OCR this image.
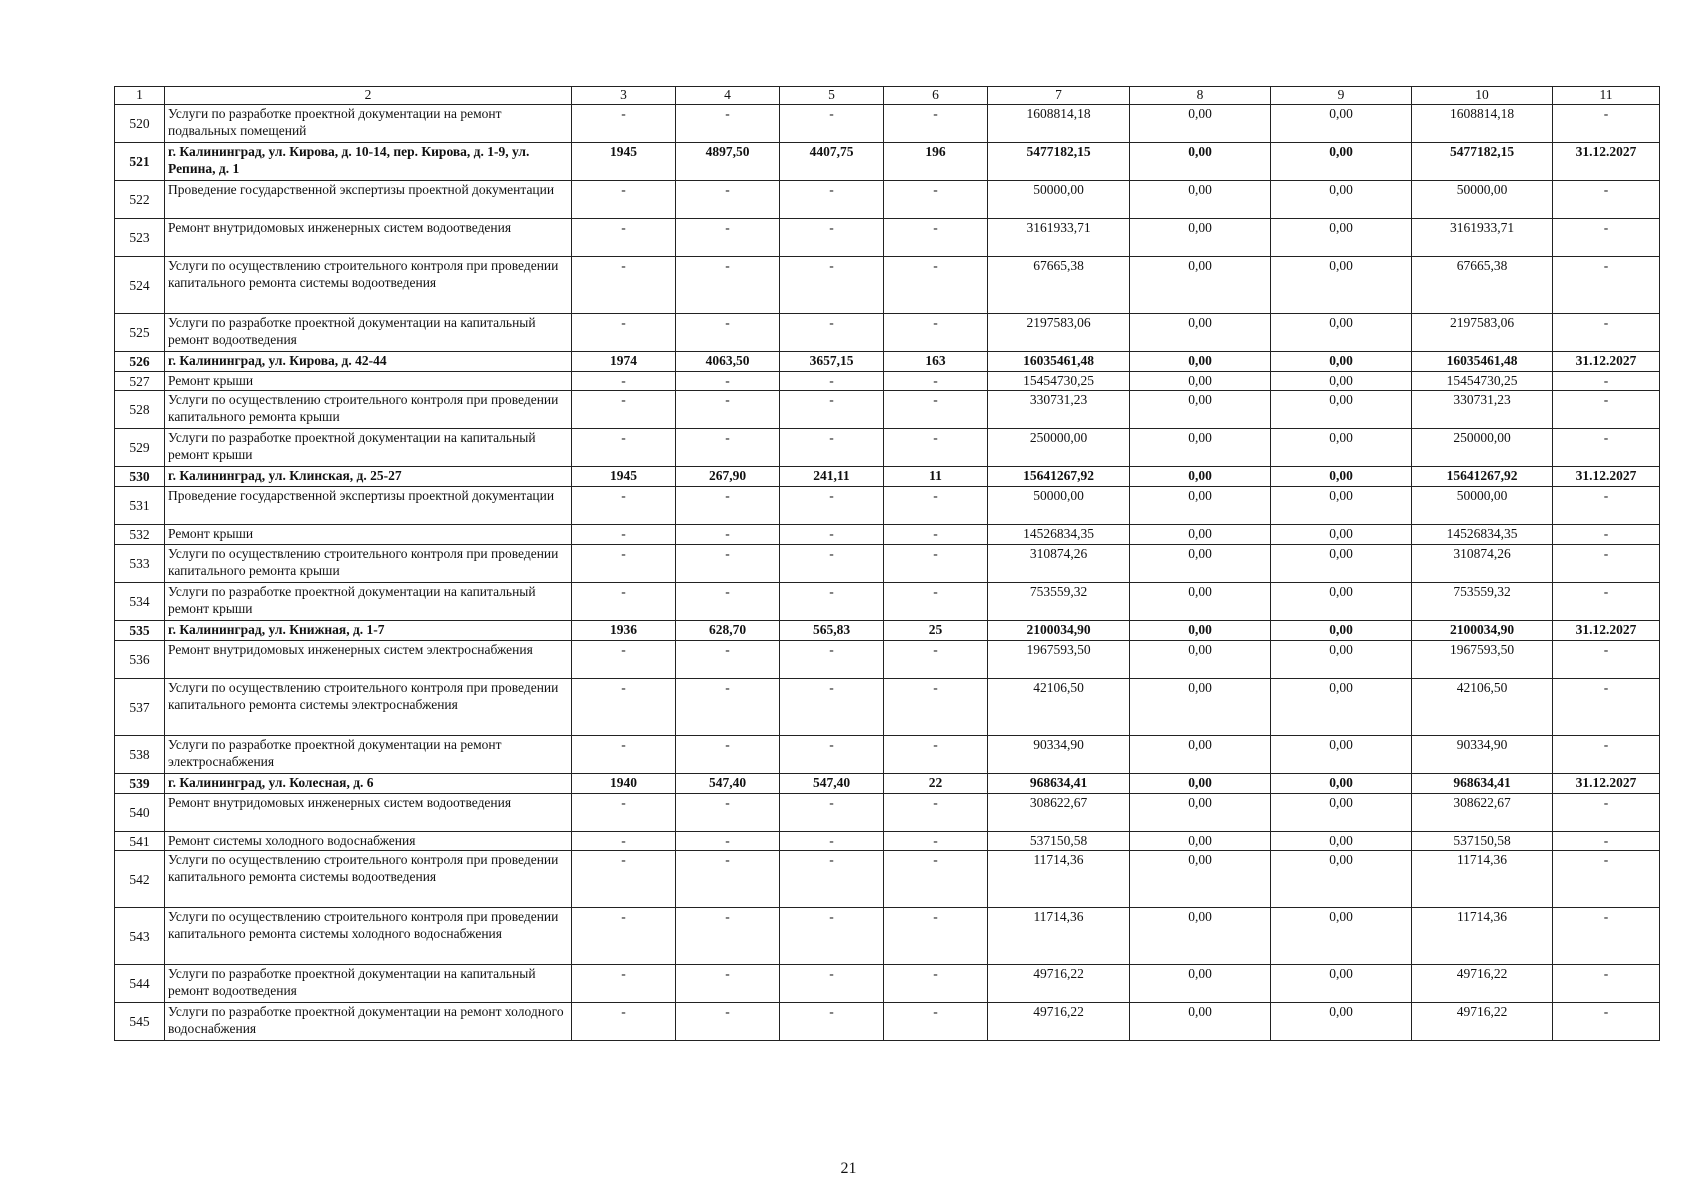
1	2	3	4	5	6	7	8	9	10	11
520	Услуги по разработке проектной документации на ремонт подвальных помещений	-	-	-	-	1608814,18	0,00	0,00	1608814,18	-
521	г. Калининград, ул. Кирова, д. 10-14, пер. Кирова, д. 1-9, ул. Репина, д. 1	1945	4897,50	4407,75	196	5477182,15	0,00	0,00	5477182,15	31.12.2027
522	Проведение государственной экспертизы проектной документации	-	-	-	-	50000,00	0,00	0,00	50000,00	-
523	Ремонт внутридомовых инженерных систем водоотведения	-	-	-	-	3161933,71	0,00	0,00	3161933,71	-
524	Услуги по осуществлению строительного контроля при проведении капитального ремонта системы водоотведения	-	-	-	-	67665,38	0,00	0,00	67665,38	-
525	Услуги по разработке проектной документации на капитальный ремонт водоотведения	-	-	-	-	2197583,06	0,00	0,00	2197583,06	-
526	г. Калининград, ул. Кирова, д. 42-44	1974	4063,50	3657,15	163	16035461,48	0,00	0,00	16035461,48	31.12.2027
527	Ремонт крыши	-	-	-	-	15454730,25	0,00	0,00	15454730,25	-
528	Услуги по осуществлению строительного контроля при проведении капитального ремонта крыши	-	-	-	-	330731,23	0,00	0,00	330731,23	-
529	Услуги по разработке проектной документации на капитальный ремонт крыши	-	-	-	-	250000,00	0,00	0,00	250000,00	-
530	г. Калининград, ул. Клинская, д. 25-27	1945	267,90	241,11	11	15641267,92	0,00	0,00	15641267,92	31.12.2027
531	Проведение государственной экспертизы проектной документации	-	-	-	-	50000,00	0,00	0,00	50000,00	-
532	Ремонт крыши	-	-	-	-	14526834,35	0,00	0,00	14526834,35	-
533	Услуги по осуществлению строительного контроля при проведении капитального ремонта крыши	-	-	-	-	310874,26	0,00	0,00	310874,26	-
534	Услуги по разработке проектной документации на капитальный ремонт крыши	-	-	-	-	753559,32	0,00	0,00	753559,32	-
535	г. Калининград, ул. Книжная, д. 1-7	1936	628,70	565,83	25	2100034,90	0,00	0,00	2100034,90	31.12.2027
536	Ремонт внутридомовых инженерных систем электроснабжения	-	-	-	-	1967593,50	0,00	0,00	1967593,50	-
537	Услуги по осуществлению строительного контроля при проведении капитального ремонта системы электроснабжения	-	-	-	-	42106,50	0,00	0,00	42106,50	-
538	Услуги по разработке проектной документации на ремонт электроснабжения	-	-	-	-	90334,90	0,00	0,00	90334,90	-
539	г. Калининград, ул. Колесная, д. 6	1940	547,40	547,40	22	968634,41	0,00	0,00	968634,41	31.12.2027
540	Ремонт внутридомовых инженерных систем водоотведения	-	-	-	-	308622,67	0,00	0,00	308622,67	-
541	Ремонт системы холодного водоснабжения	-	-	-	-	537150,58	0,00	0,00	537150,58	-
542	Услуги по осуществлению строительного контроля при проведении капитального ремонта системы водоотведения	-	-	-	-	11714,36	0,00	0,00	11714,36	-
543	Услуги по осуществлению строительного контроля при проведении капитального ремонта системы холодного водоснабжения	-	-	-	-	11714,36	0,00	0,00	11714,36	-
544	Услуги по разработке проектной документации на капитальный ремонт водоотведения	-	-	-	-	49716,22	0,00	0,00	49716,22	-
545	Услуги по разработке проектной документации на ремонт холодного водоснабжения	-	-	-	-	49716,22	0,00	0,00	49716,22	-
21
